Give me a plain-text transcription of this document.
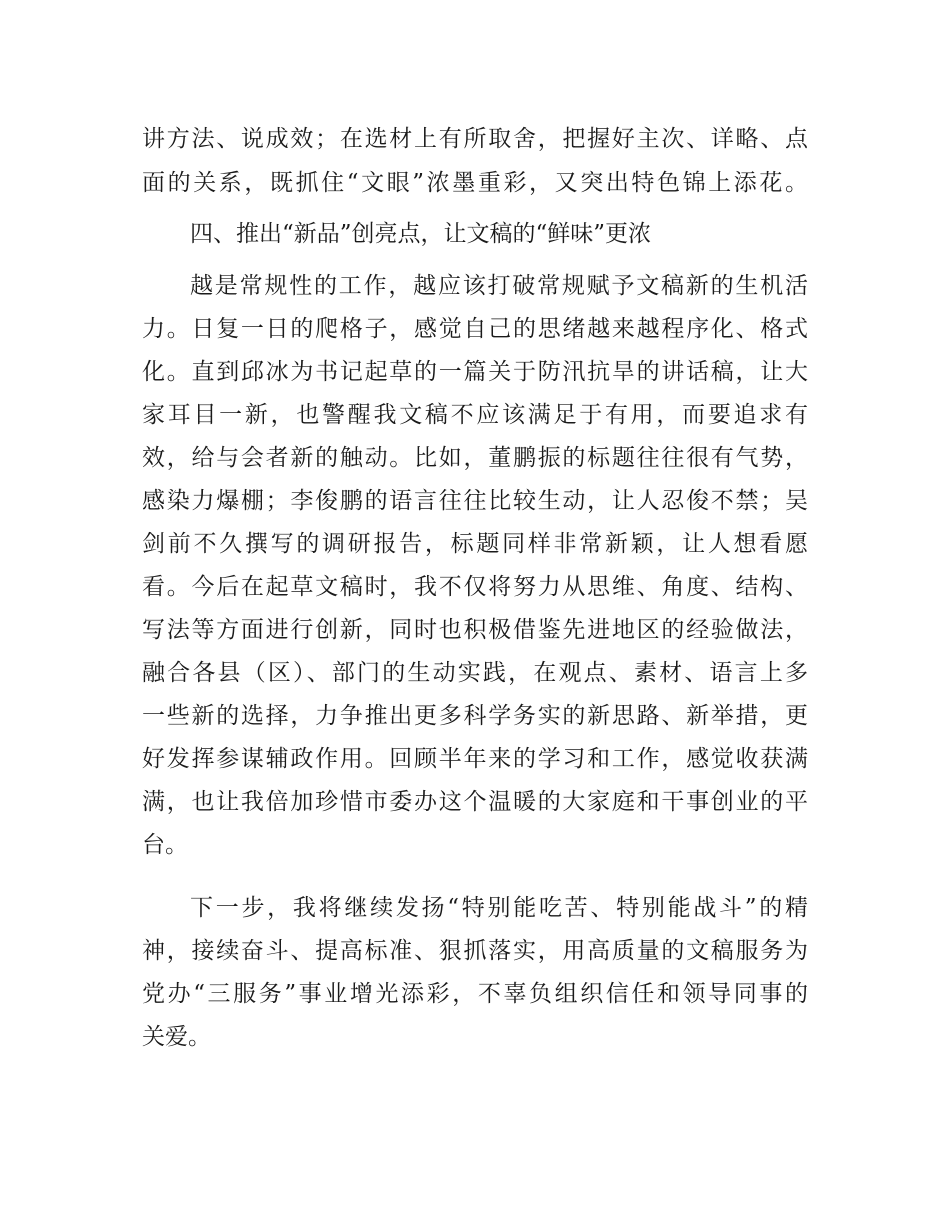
讲方法、说成效；在选材上有所取舍，把握好主次、详略、点
面的关系，既抓住“文眼”浓墨重彩，又突出特色锦上添花。
四、推出“新品”创亮点，让文稿的“鲜味”更浓
越是常规性的工作，越应该打破常规赋予文稿新的生机活
力。日复一日的爬格子，感觉自己的思绪越来越程序化、格式
化。直到邱冰为书记起草的一篇关于防汛抗旱的讲话稿，让大
家耳目一新，也警醒我文稿不应该满足于有用，而要追求有
效，给与会者新的触动。比如，董鹏振的标题往往很有气势，
感染力爆棚；李俊鹏的语言往往比较生动，让人忍俊不禁；吴
剑前不久撰写的调研报告，标题同样非常新颖，让人想看愿
看。今后在起草文稿时，我不仅将努力从思维、角度、结构、
写法等方面进行创新，同时也积极借鉴先进地区的经验做法，
融合各县（区）、部门的生动实践，在观点、素材、语言上多
一些新的选择，力争推出更多科学务实的新思路、新举措，更
好发挥参谋辅政作用。回顾半年来的学习和工作，感觉收获满
满，也让我倍加珍惜市委办这个温暖的大家庭和干事创业的平
台。
下一步，我将继续发扬“特别能吃苦、特别能战斗”的精
神，接续奋斗、提高标准、狠抓落实，用高质量的文稿服务为
党办“三服务”事业增光添彩，不辜负组织信任和领导同事的
关爱。
